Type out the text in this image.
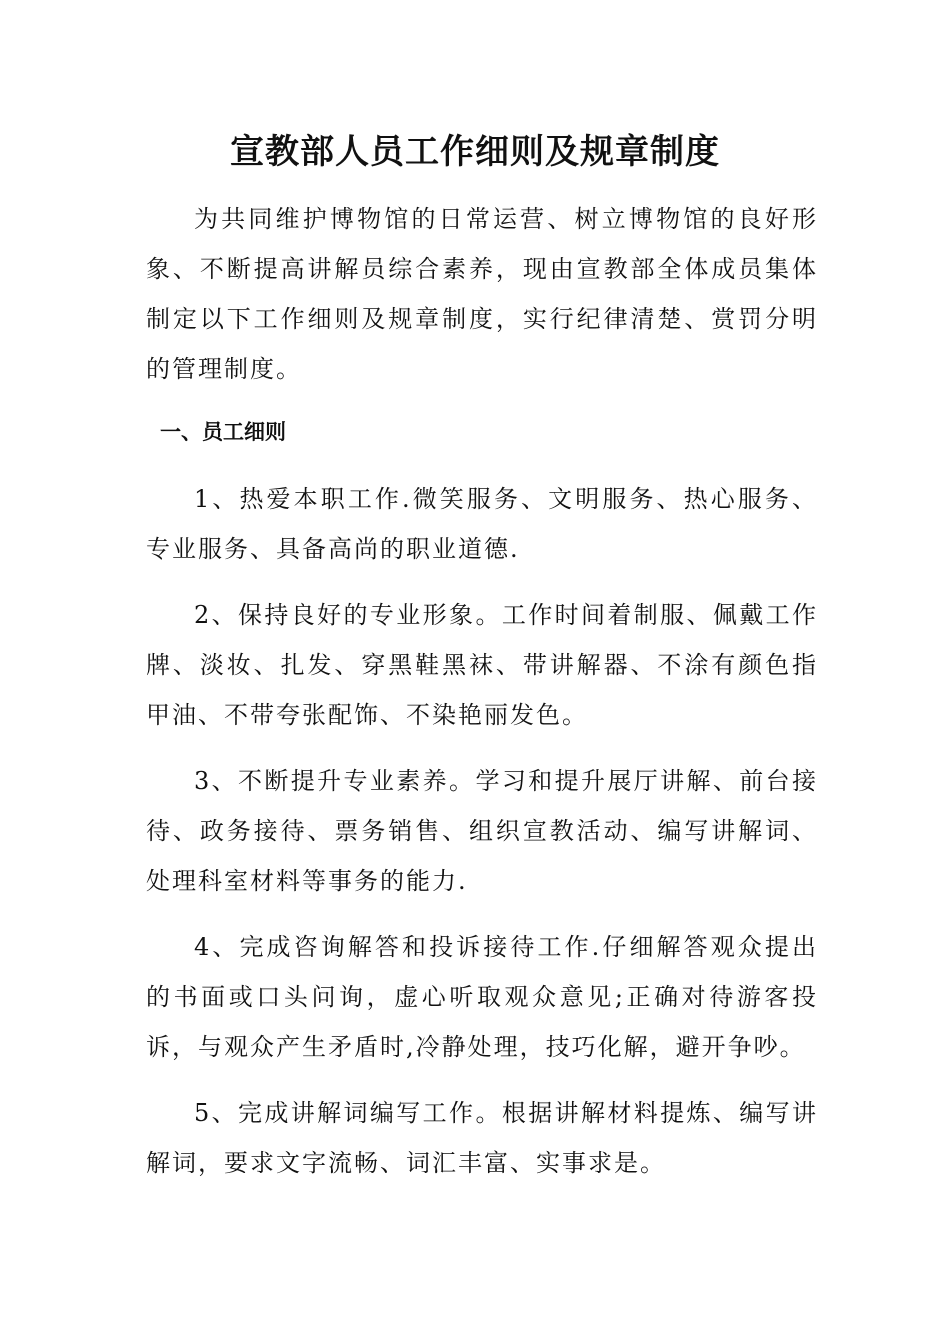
宣教部人员工作细则及规章制度

为共同维护博物馆的日常运营、树立博物馆的良好形象、不断提高讲解员综合素养，现由宣教部全体成员集体制定以下工作细则及规章制度，实行纪律清楚、赏罚分明的管理制度。

一、员工细则

1、热爱本职工作.微笑服务、文明服务、热心服务、专业服务、具备高尚的职业道德.

2、保持良好的专业形象。工作时间着制服、佩戴工作牌、淡妆、扎发、穿黑鞋黑袜、带讲解器、不涂有颜色指甲油、不带夸张配饰、不染艳丽发色。

3、不断提升专业素养。学习和提升展厅讲解、前台接待、政务接待、票务销售、组织宣教活动、编写讲解词、处理科室材料等事务的能力.

4、完成咨询解答和投诉接待工作.仔细解答观众提出的书面或口头问询，虚心听取观众意见;正确对待游客投诉，与观众产生矛盾时,冷静处理，技巧化解，避开争吵。

5、完成讲解词编写工作。根据讲解材料提炼、编写讲解词，要求文字流畅、词汇丰富、实事求是。
